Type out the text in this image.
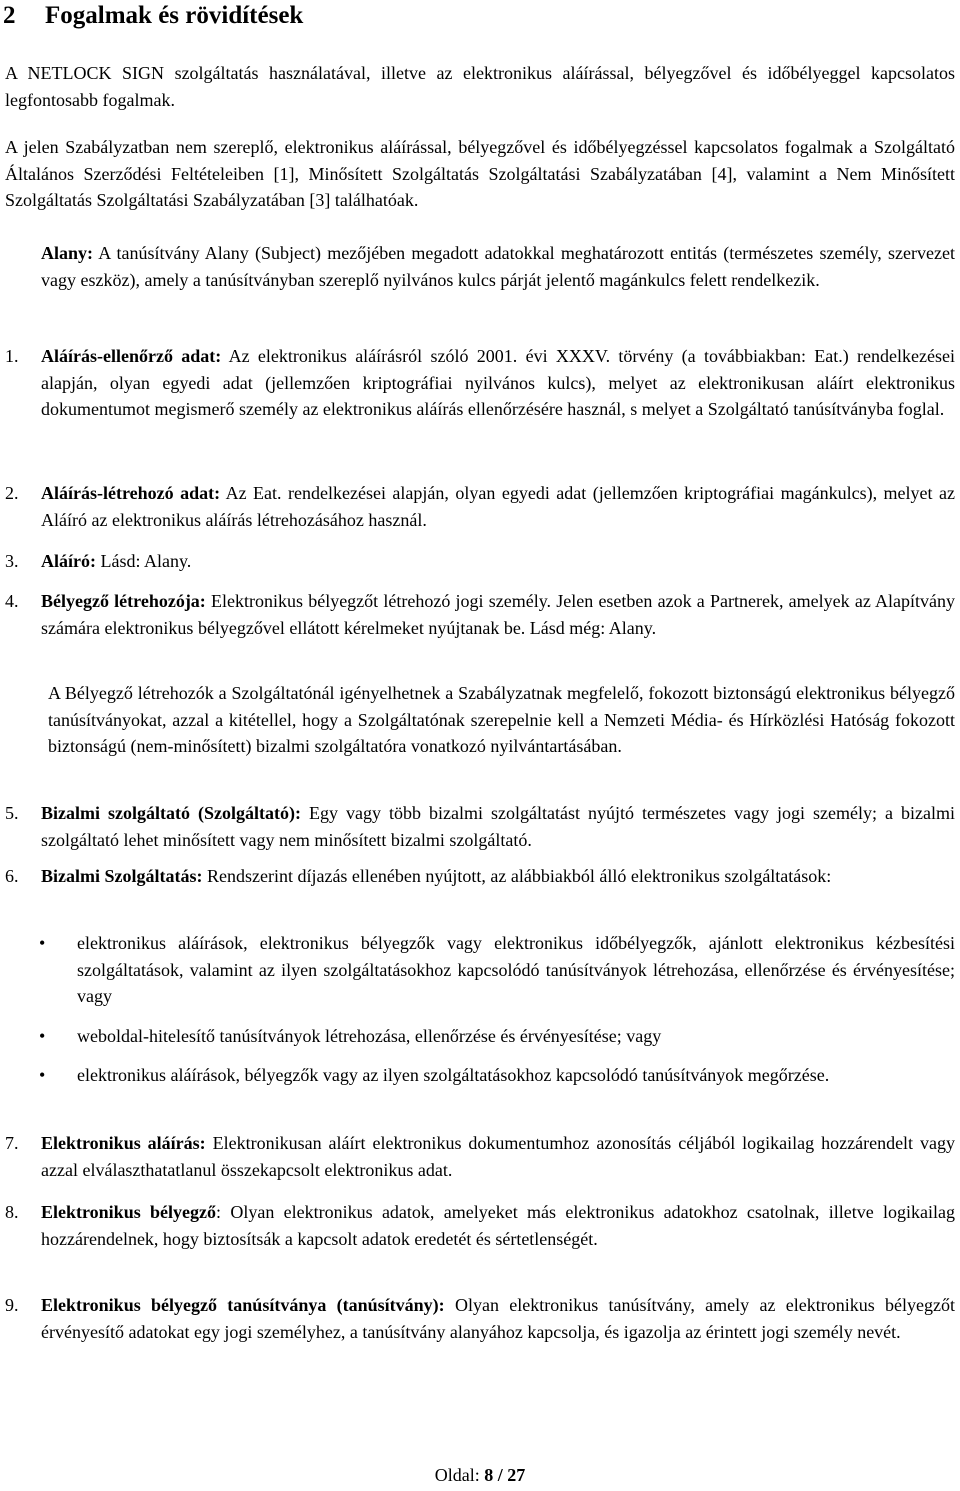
2 Fogalmak és rövidítések

A NETLOCK SIGN szolgáltatás használatával, illetve az elektronikus aláírással, bélyegzővel és időbélyeggel kapcsolatos legfontosabb fogalmak.

A jelen Szabályzatban nem szereplő, elektronikus aláírással, bélyegzővel és időbélyegzéssel kapcsolatos fogalmak a Szolgáltató Általános Szerződési Feltételeiben [1], Minősített Szolgáltatás Szolgáltatási Szabályzatában [4], valamint a Nem Minősített Szolgáltatás Szolgáltatási Szabályzatában [3] találhatóak.

Alany: A tanúsítvány Alany (Subject) mezőjében megadott adatokkal meghatározott entitás (természetes személy, szervezet vagy eszköz), amely a tanúsítványban szereplő nyilvános kulcs párját jelentő magánkulcs felett rendelkezik.

1. Aláírás-ellenőrző adat: Az elektronikus aláírásról szóló 2001. évi XXXV. törvény (a továbbiakban: Eat.) rendelkezései alapján, olyan egyedi adat (jellemzően kriptográfiai nyilvános kulcs), melyet az elektronikusan aláírt elektronikus dokumentumot megismerő személy az elektronikus aláírás ellenőrzésére használ, s melyet a Szolgáltató tanúsítványba foglal.
2. Aláírás-létrehozó adat: Az Eat. rendelkezései alapján, olyan egyedi adat (jellemzően kriptográfiai magánkulcs), melyet az Aláíró az elektronikus aláírás létrehozásához használ.
3. Aláíró: Lásd: Alany.
4. Bélyegző létrehozója: Elektronikus bélyegzőt létrehozó jogi személy. Jelen esetben azok a Partnerek, amelyek az Alapítvány számára elektronikus bélyegzővel ellátott kérelmeket nyújtanak be. Lásd még: Alany.

A Bélyegző létrehozók a Szolgáltatónál igényelhetnek a Szabályzatnak megfelelő, fokozott biztonságú elektronikus bélyegző tanúsítványokat, azzal a kitétellel, hogy a Szolgáltatónak szerepelnie kell a Nemzeti Média- és Hírközlési Hatóság fokozott biztonságú (nem-minősített) bizalmi szolgáltatóra vonatkozó nyilvántartásában.

5. Bizalmi szolgáltató (Szolgáltató): Egy vagy több bizalmi szolgáltatást nyújtó természetes vagy jogi személy; a bizalmi szolgáltató lehet minősített vagy nem minősített bizalmi szolgáltató.
6. Bizalmi Szolgáltatás: Rendszerint díjazás ellenében nyújtott, az alábbiakból álló elektronikus szolgáltatások:
• elektronikus aláírások, elektronikus bélyegzők vagy elektronikus időbélyegzők, ajánlott elektronikus kézbesítési szolgáltatások, valamint az ilyen szolgáltatásokhoz kapcsolódó tanúsítványok létrehozása, ellenőrzése és érvényesítése; vagy
• weboldal-hitelesítő tanúsítványok létrehozása, ellenőrzése és érvényesítése; vagy
• elektronikus aláírások, bélyegzők vagy az ilyen szolgáltatásokhoz kapcsolódó tanúsítványok megőrzése.
7. Elektronikus aláírás: Elektronikusan aláírt elektronikus dokumentumhoz azonosítás céljából logikailag hozzárendelt vagy azzal elválaszthatatlanul összekapcsolt elektronikus adat.
8. Elektronikus bélyegző: Olyan elektronikus adatok, amelyeket más elektronikus adatokhoz csatolnak, illetve logikailag hozzárendelnek, hogy biztosítsák a kapcsolt adatok eredetét és sértetlenségét.
9. Elektronikus bélyegző tanúsítványa (tanúsítvány): Olyan elektronikus tanúsítvány, amely az elektronikus bélyegzőt érvényesítő adatokat egy jogi személyhez, a tanúsítvány alanyához kapcsolja, és igazolja az érintett jogi személy nevét.
Oldal: 8 / 27
